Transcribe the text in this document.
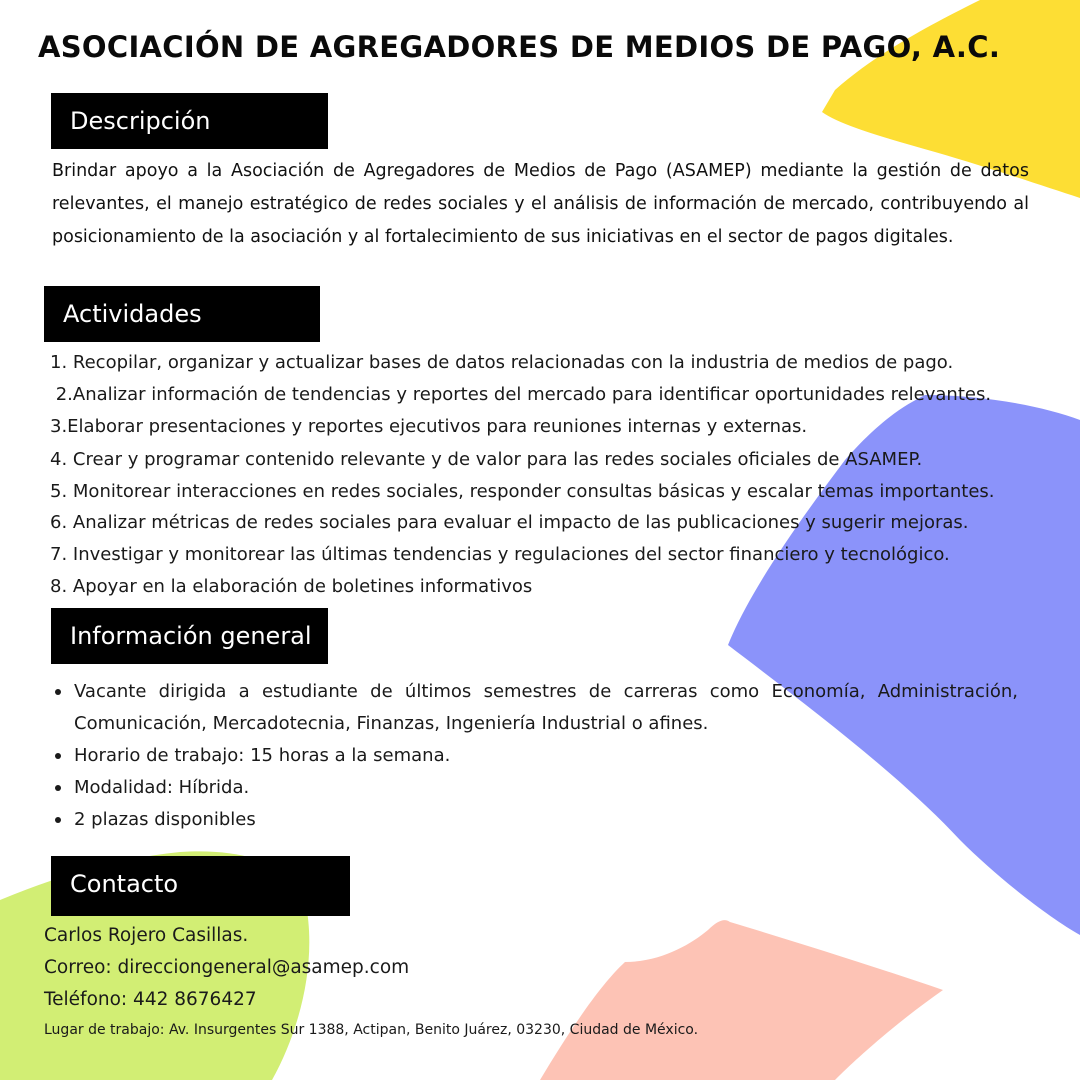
ASOCIACIÓN DE AGREGADORES DE MEDIOS DE PAGO, A.C.
Descripción
Brindar apoyo a la Asociación de Agregadores de Medios de Pago (ASAMEP) mediante la gestión de datos relevantes, el manejo estratégico de redes sociales y el análisis de información de mercado, contribuyendo al posicionamiento de la asociación y al fortalecimiento de sus iniciativas en el sector de pagos digitales.
Actividades
1. Recopilar, organizar y actualizar bases de datos relacionadas con la industria de medios de pago.
2.Analizar información de tendencias y reportes del mercado para identificar oportunidades relevantes.
3.Elaborar presentaciones y reportes ejecutivos para reuniones internas y externas.
4. Crear y programar contenido relevante y de valor para las redes sociales oficiales de ASAMEP.
5. Monitorear interacciones en redes sociales, responder consultas básicas y escalar temas importantes.
6. Analizar métricas de redes sociales para evaluar el impacto de las publicaciones y sugerir mejoras.
7. Investigar y monitorear las últimas tendencias y regulaciones del sector financiero y tecnológico.
8. Apoyar en la elaboración de boletines informativos
Información general
Vacante dirigida a estudiante de últimos semestres de carreras como Economía, Administración, Comunicación, Mercadotecnia, Finanzas, Ingeniería Industrial o afines.
Horario de trabajo: 15 horas a la semana.
Modalidad: Híbrida.
2 plazas disponibles
Contacto
Carlos Rojero Casillas.
Correo: direcciongeneral@asamep.com
Teléfono: 442 8676427
Lugar de trabajo: Av. Insurgentes Sur 1388, Actipan, Benito Juárez, 03230, Ciudad de México.
